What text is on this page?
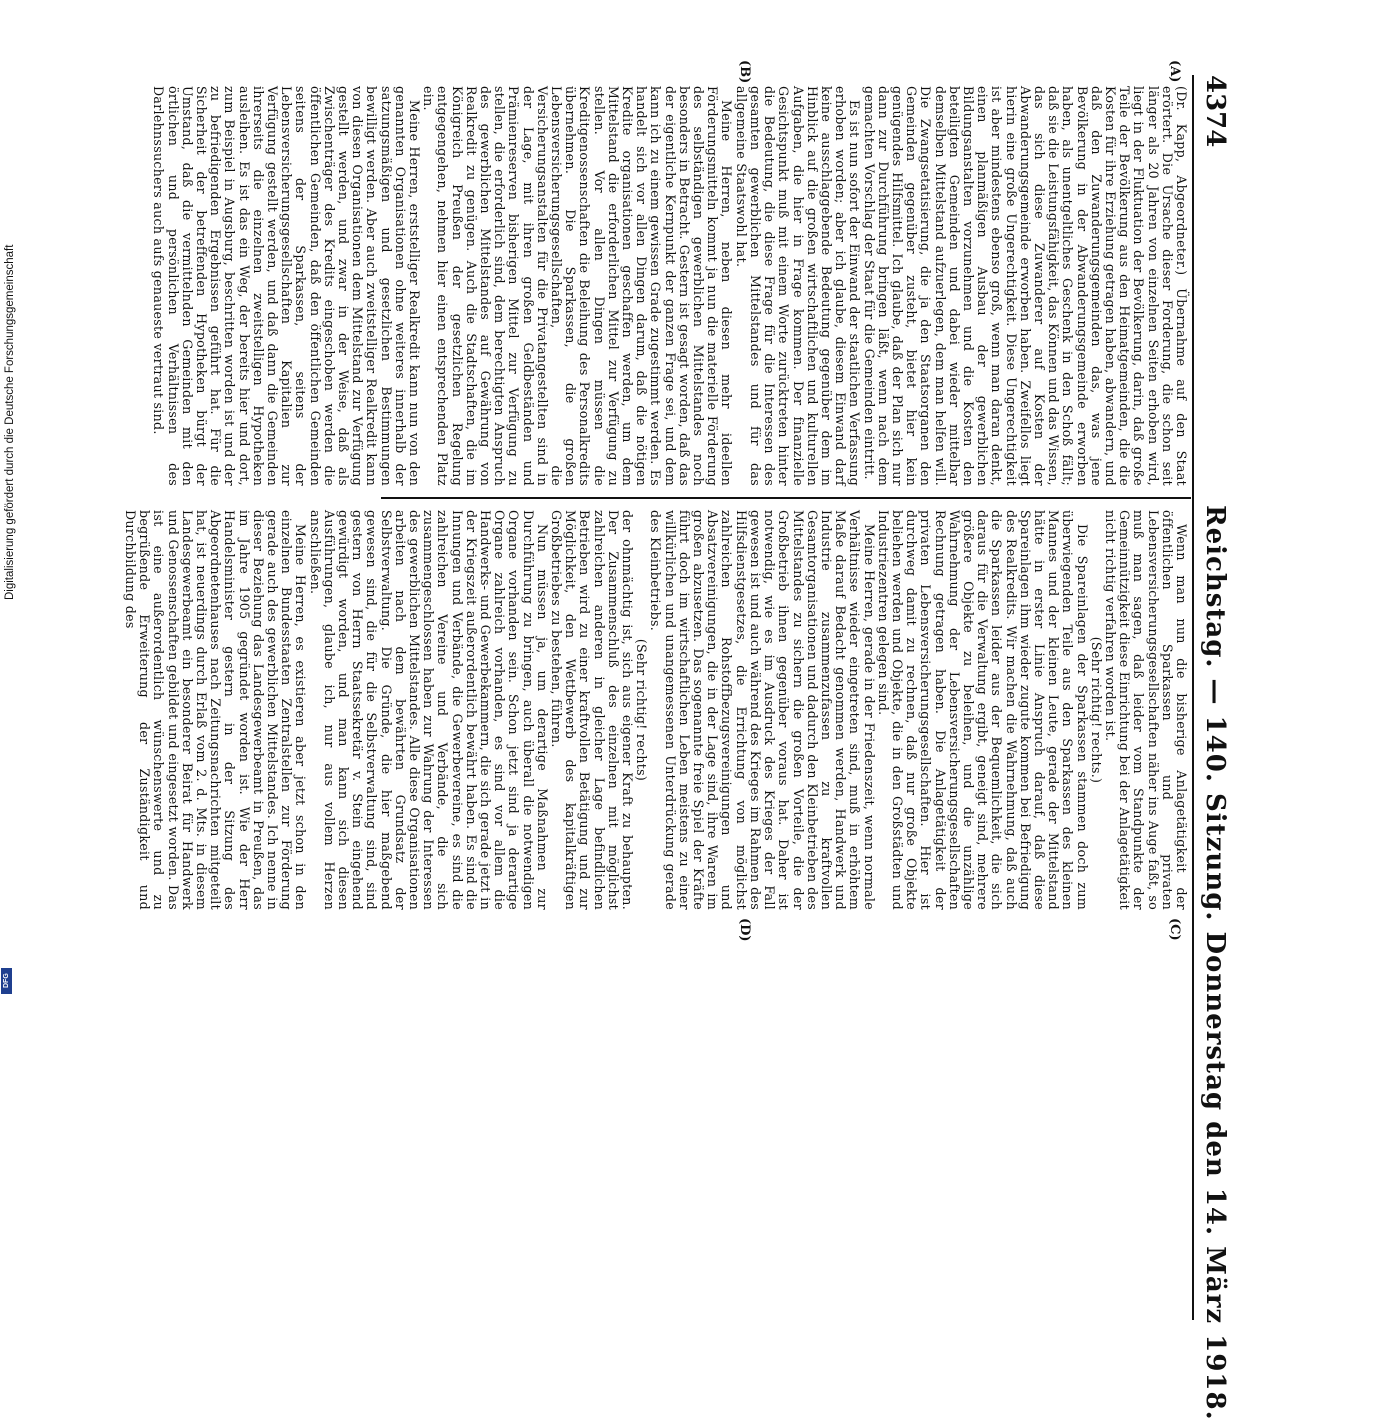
4374
Reichstag. — 140. Sitzung. Donnerstag den 14. März 1918.
(A)
(B)
(C)
(D)

(Dr. Kapp, Abgeordneter.) Übernahme auf den Staat erörtert. Die Ursache dieser Forderung, die schon seit länger als 20 Jahren von einzelnen Seiten erhoben wird, liegt in der Fluktuation der Bevölkerung, darin, daß große Teile der Bevölkerung aus den Heimatgemeinden, die die Kosten für ihre Erziehung getragen haben, abwandern, und daß den Zuwanderungsgemeinden das, was jene Bevölkerung in der Abwanderungsgemeinde erworben haben, als unentgeltliches Geschenk in den Schoß fällt; daß sie die Leistungsfähigkeit, das Können und das Wissen, das sich diese Zuwanderer auf Kosten der Abwanderungsgemeinde erworben haben. Zweifellos liegt hierin eine große Ungerechtigkeit. Diese Ungerechtigkeit ist aber mindestens ebenso groß, wenn man daran denkt, einen planmäßigen Ausbau der gewerblichen Bildungsanstalten vorzunehmen und die Kosten den beteiligten Gemeinden und dabei wieder mittelbar demselben Mittelstand aufzuerlegen, dem man helfen will. Die Zwangsetatisierung, die ja den Staatsorganen den Gemeinden gegenüber zusteht, bietet hier kein genügendes Hilfsmittel. Ich glaube, daß der Plan sich nur dann zur Durchführung bringen läßt, wenn nach dem gemachten Vorschlag der Staat für die Gemeinden eintritt.

Es ist nun sofort der Einwand der staatlichen Verfassung erhoben worden; aber ich glaube, diesem Einwand darf keine ausschlaggebende Bedeutung gegenüber dem im Hinblick auf die großen wirtschaftlichen und kulturellen Aufgaben, die hier in Frage kommen. Der finanzielle Gesichtspunkt muß mit einem Worte zurücktreten hinter die Bedeutung, die diese Frage für die Interessen des gesamten gewerblichen Mittelstandes und für das allgemeine Staatswohl hat.

Meine Herren, neben diesen mehr ideellen Förderungsmitteln kommt ja nun die materielle Förderung des selbständigen gewerblichen Mittelstandes noch besonders in Betracht. Gestern ist gesagt worden, daß das der eigentliche Kernpunkt der ganzen Frage sei, und dem kann ich zu einem gewissen Grade zugestimmt werden. Es handelt sich vor allen Dingen darum, daß die nötigen Kredite organisationen geschaffen werden, um dem Mittelstand die erforderlichen Mittel zur Verfügung zu stellen. Vor allen Dingen müssen die Kreditgenossenschaften die Beleihung des Personalkredits übernehmen. Die Sparkassen, die großen Lebensversicherungsgesellschaften, die Versicherungsanstalten für die Privatangestellten sind in der Lage, mit ihren großen Geldbeständen und Prämienreserven bisherigen Mittel zur Verfügung zu stellen, die erforderlich sind, dem berechtigten Anspruch des gewerblichen Mittelstandes auf Gewährung von Realkredit zu genügen. Auch die Stadtschaften, die im Königreich Preußen der gesetzlichen Regelung entgegengehen, nehmen hier einen entsprechenden Platz ein.

Meine Herren, erststelliger Realkredit kann nun von den genannten Organisationen ohne weiteres innerhalb der satzungsmäßigen und gesetzlichen Bestimmungen bewilligt werden. Aber auch zweitstelliger Realkredit kann von diesen Organisationen dem Mittelstand zur Verfügung gestellt werden, und zwar in der Weise, daß als Zwischenträger des Kredits eingeschoben werden die öffentlichen Gemeinden, daß den öffentlichen Gemeinden seitens der Sparkassen, seitens der Lebensversicherungsgesellschaften Kapitalien zur Verfügung gestellt werden, und daß dann die Gemeinden ihrerseits die einzelnen zweitstelligen Hypotheken ausleihen. Es ist das ein Weg, der bereits hier und dort, zum Beispiel in Augsburg, beschritten worden ist und der zu befriedigenden Ergebnissen geführt hat. Für die Sicherheit der betreffenden Hypotheken bürgt der Umstand, daß die vermittelnden Gemeinden mit den örtlichen und persönlichen Verhältnissen des Darlehnssuchers auch aufs genaueste vertraut sind.

Wenn man nun die bisherige Anlagetätigkeit der öffentlichen Sparkassen und privaten Lebensversicherungsgesellschaften näher ins Auge faßt, so muß man sagen, daß leider vom Standpunkte der Gemeinnützigkeit diese Einrichtung bei der Anlagetätigkeit nicht richtig verfahren worden ist.

(Sehr richtig! rechts.)

Die Spareinlagen der Sparkassen stammen doch zum überwiegenden Teile aus den Sparkassen des kleinen Mannes und der kleinen Leute, gerade der Mittelstand hätte in erster Linie Anspruch darauf, daß diese Spareinlagen ihm wieder zugute kommen bei Befriedigung des Realkredits. Wir machen die Wahrnehmung, daß auch die Sparkassen leider aus der Bequemlichkeit, die sich daraus für die Verwaltung ergibt, geneigt sind, mehrere größere Objekte zu beleihen, und die unzählige Wahrnehmung der Lebensversicherungsgesellschaften Rechnung getragen haben. Die Anlagetätigkeit der privaten Lebensversicherungsgesellschaften. Hier ist durchweg damit zu rechnen, daß nur große Objekte beliehen werden und Objekte, die in den Großstädten und Industriezentren gelegen sind.

Meine Herren, gerade in der Friedenszeit, wenn normale Verhältnisse wieder eingetreten sind, muß in erhöhtem Maße darauf Bedacht genommen werden, Handwerk und Industrie zusammenzufassen zu kraftvollen Gesamtorganisationen und dadurch den Kleinbetrieben des Mittelstandes zu sichern die großen Vorteile, die der Großbetrieb ihnen gegenüber voraus hat. Daher ist notwendig, wie es im Ausdruck des Krieges der Fall gewesen ist und auch während des Krieges im Rahmen des Hilfsdienstgesetzes, die Errichtung von möglichst zahlreichen Rohstoffbezugsvereinigungen und Absatzvereinigungen, die in der Lage sind, ihre Waren im großen abzusetzen. Das sogenannte freie Spiel der Kräfte führt doch im wirtschaftlichen Leben meistens zu einer willkürlichen und unangemessenen Unterdrückung gerade des Kleinbetriebs.

(Sehr richtig! rechts)

der ohnmächtig ist, sich aus eigener Kraft zu behaupten. Der Zusammenschluß des einzelnen mit möglichst zahlreichen anderen in gleicher Lage befindlichen Betrieben wird zu einer kraftvollen Betätigung und zur Möglichkeit, den Wettbewerb des kapitalkräftigen Großbetriebes zu bestehen, führen.

Nun müssen ja, um derartige Maßnahmen zur Durchführung zu bringen, auch überall die notwendigen Organe vorhanden sein. Schon jetzt sind ja derartige Organe zahlreich vorhanden, es sind vor allem die Handwerks- und Gewerbekammern, die sich gerade jetzt in der Kriegszeit außerordentlich bewährt haben. Es sind die Innungen und Verbände, die Gewerbevereine, es sind die zahlreichen Vereine und Verbände, die sich zusammengeschlossen haben zur Wahrung der Interessen des gewerblichen Mittelstandes. Alle diese Organisationen arbeiten nach dem bewährten Grundsatz der Selbstverwaltung. Die Gründe, die hier maßgebend gewesen sind, die für die Selbstverwaltung sind, sind gestern von Herrn Staatssekretär v. Stein eingehend gewürdigt worden, und man kann sich diesen Ausführungen, glaube ich, nur aus vollem Herzen anschließen.

Meine Herren, es existieren aber jetzt schon in den einzelnen Bundesstaaten Zentralstellen zur Förderung gerade auch des gewerblichen Mittelstandes. Ich nenne in dieser Beziehung das Landesgewerbeamt in Preußen, das im Jahre 1905 gegründet worden ist. Wie der Herr Handelsminister gestern in der Sitzung des Abgeordnetenhauses nach Zeitungsnachrichten mitgeteilt hat, ist neuerdings durch Erlaß vom 2. d. Mts. in diesem Landesgewerbeamt ein besonderer Beirat für Handwerk und Genossenschaften gebildet und eingesetzt worden. Das ist eine außerordentlich wünschenswerte und zu begrüßende Erweiterung der Zuständigkeit und Durchbildung des

Digitalisierung gefördert durch die Deutsche Forschungsgemeinschaft
DFG
